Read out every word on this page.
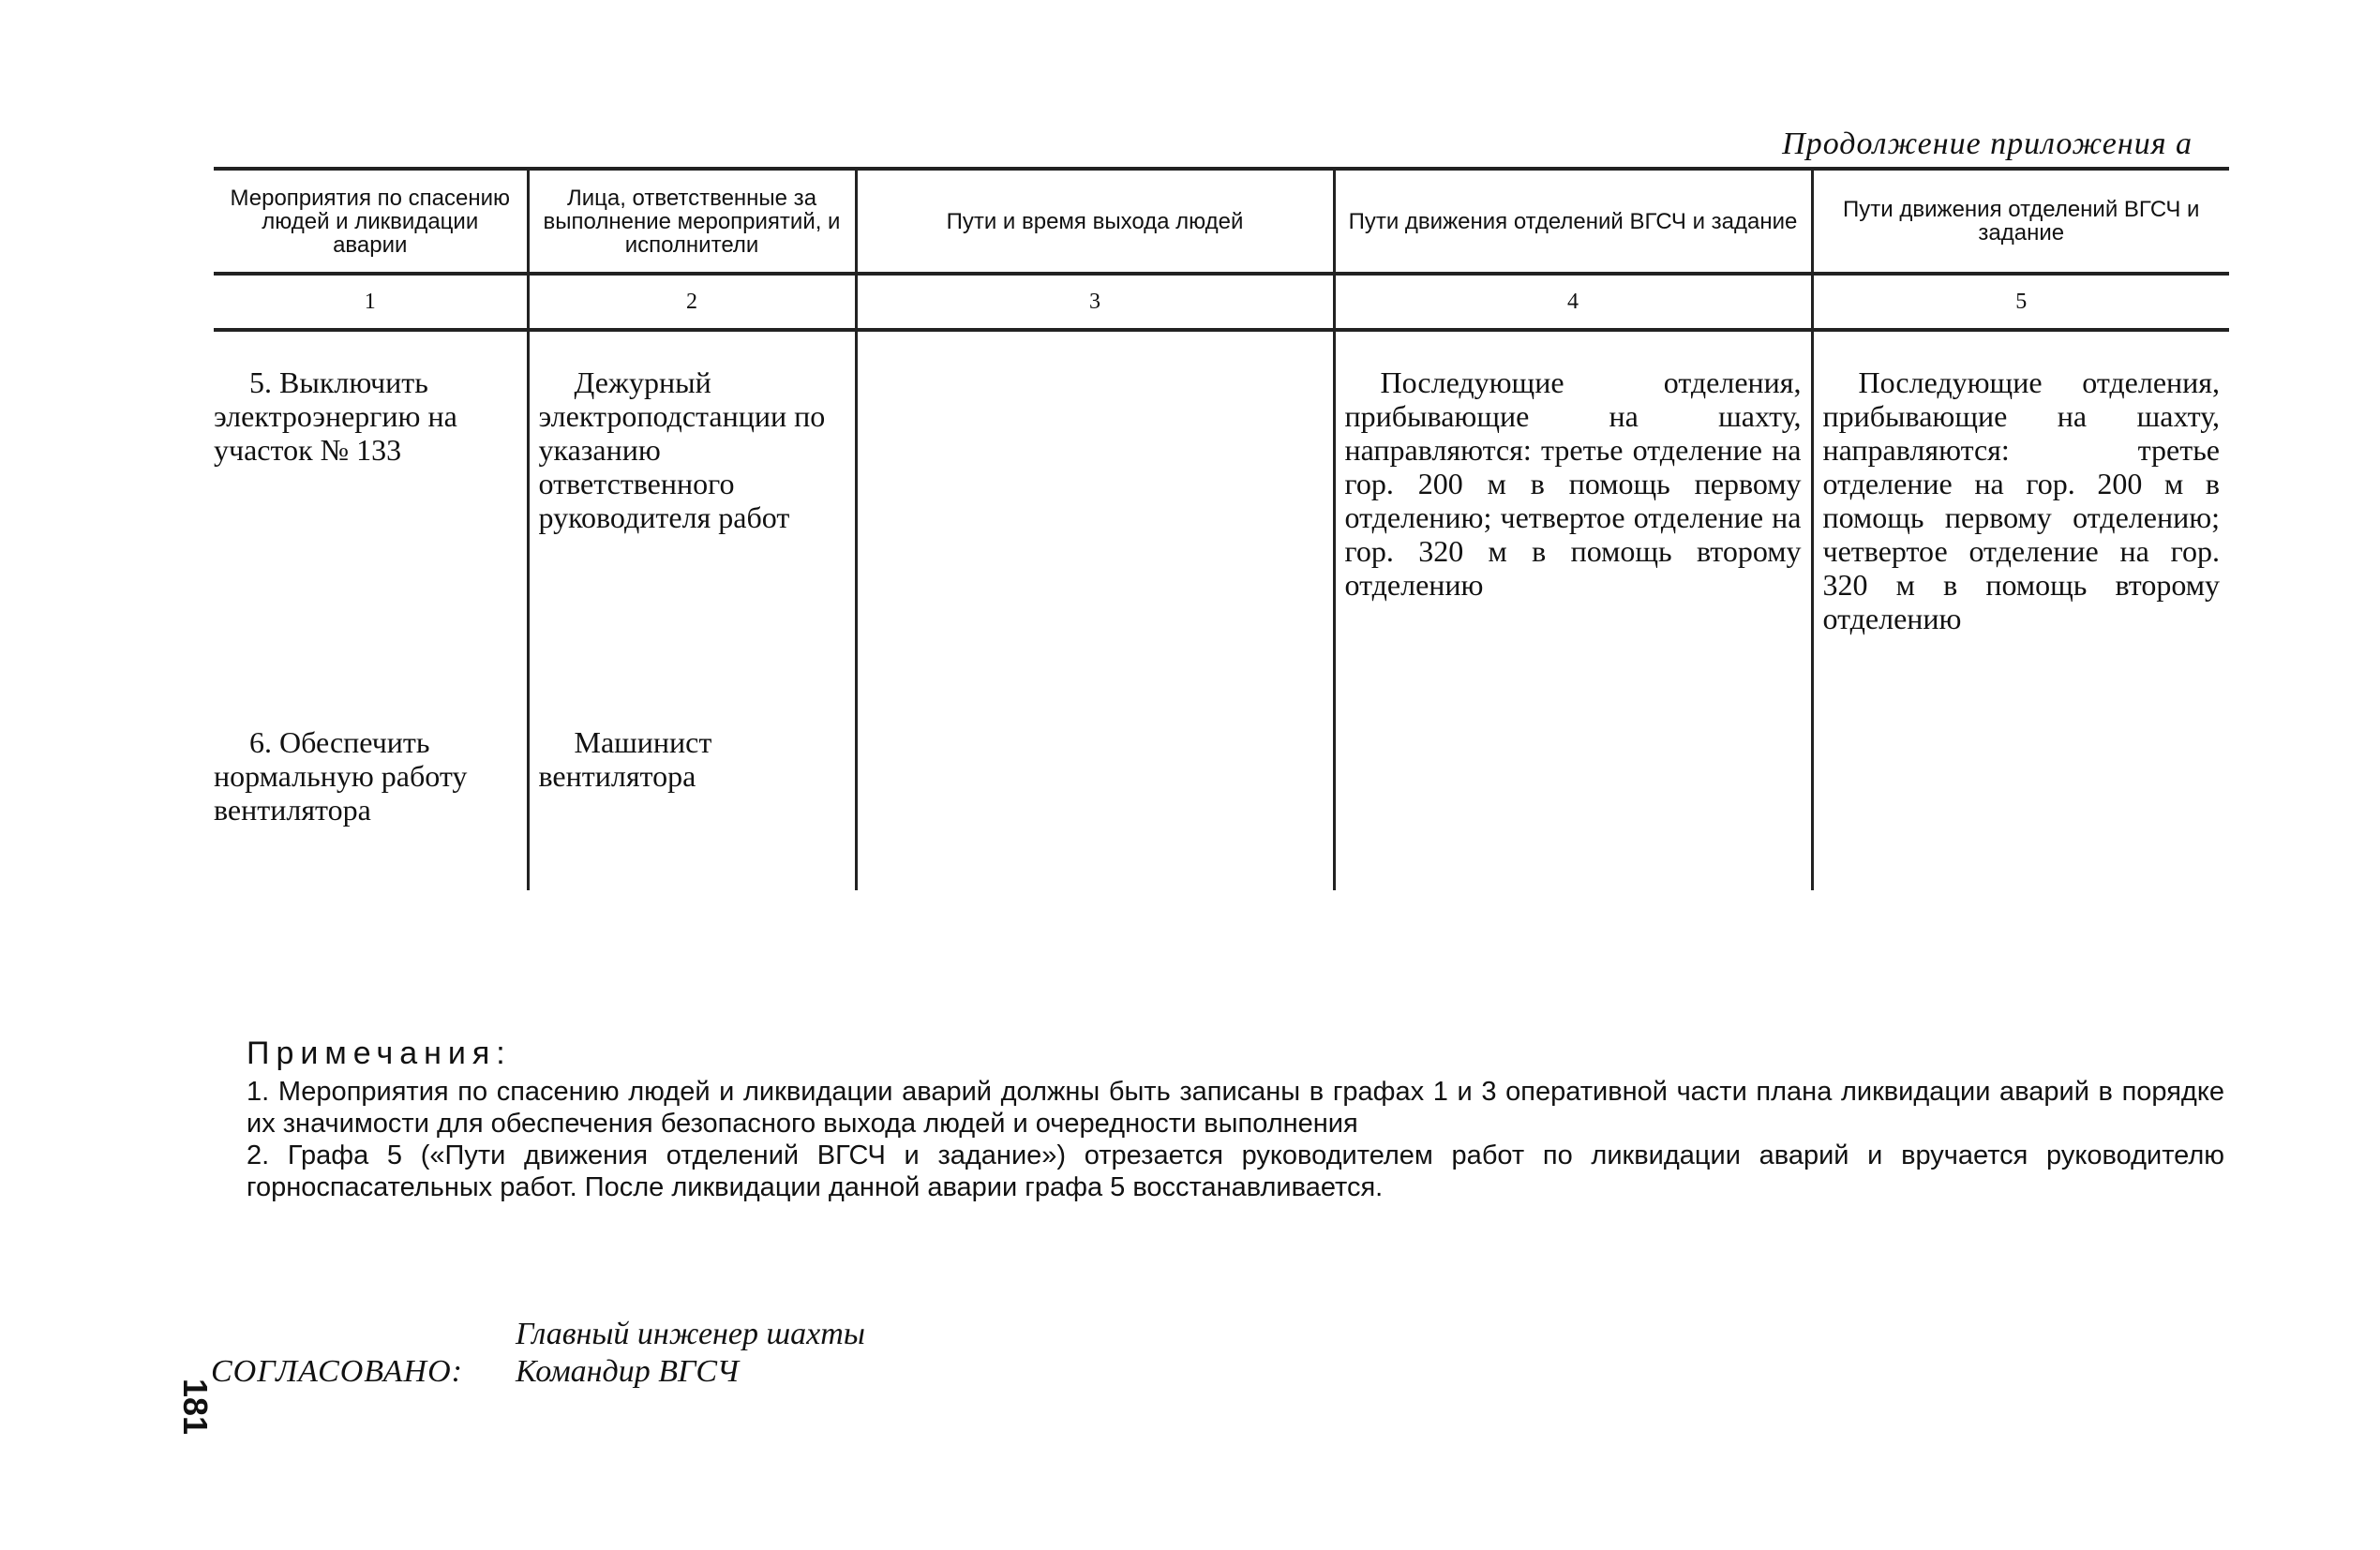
Продолжение приложения а
Мероприятия по спасению людей и ликвидации аварии	Лица, ответственные за выполнение мероприятий, и исполнители	Пути и время выхода людей	Пути движения отделений ВГСЧ и задание	Пути движения отделений ВГСЧ и задание
1	2	3	4	5
5. Выключить электроэнергию на участок № 133	Дежурный электроподстанции по указанию ответственного руководителя работ		Последующие отделения, прибывающие на шахту, направляются: третье отделение на гор. 200 м в помощь первому отделению; четвертое отделение на гор. 320 м в помощь второму отделению	Последующие отделения, прибывающие на шахту, направляются: третье отделение на гор. 200 м в помощь первому отделению; четвертое отделение на гор. 320 м в помощь второму отделению
6. Обеспечить нормальную работу вентилятора	Машинист вентилятора			
Примечания:
1. Мероприятия по спасению людей и ликвидации аварий должны быть записаны в графах 1 и 3 оперативной части плана ликвидации аварий в порядке их значимости для обеспечения безопасного выхода людей и очередности выполнения
2. Графа 5 («Пути движения отделений ВГСЧ и задание») отрезается руководителем работ по ликвидации аварий и вручается руководителю горноспасательных работ. После ликвидации данной аварии графа 5 восстанавливается.
Главный инженер шахты
СОГЛАСОВАНО: Командир ВГСЧ
181
